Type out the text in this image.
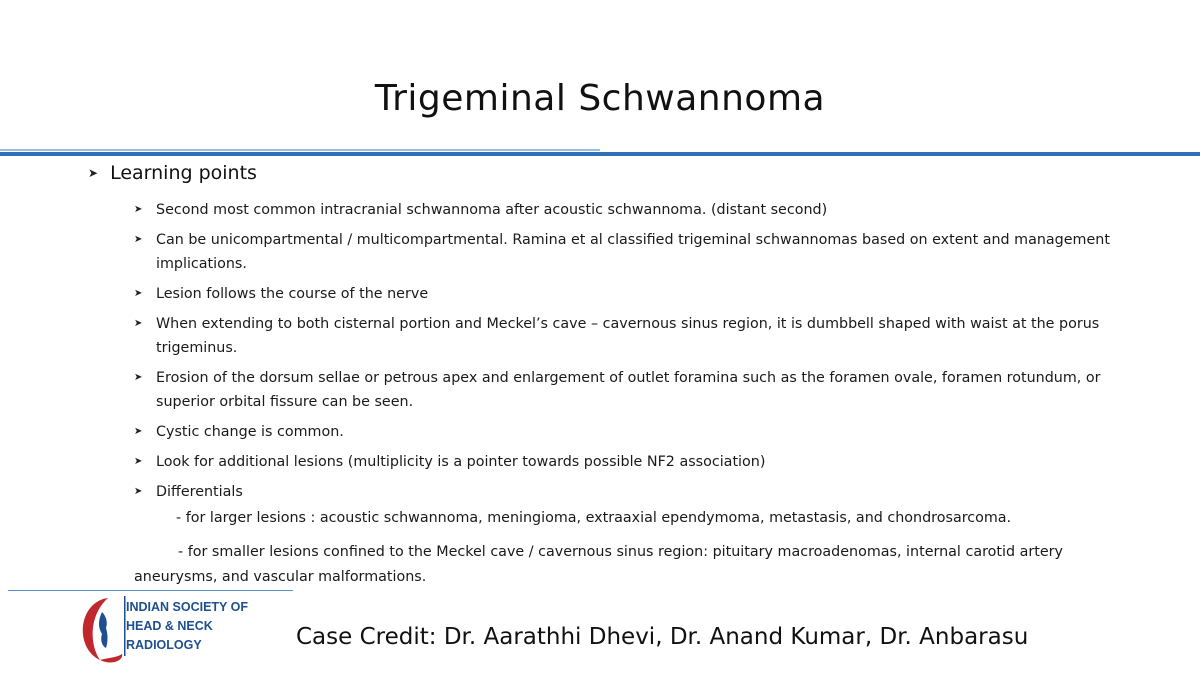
Trigeminal Schwannoma
➤ Learning points
➤ Second most common intracranial schwannoma after acoustic schwannoma. (distant second)
➤ Can be unicompartmental / multicompartmental. Ramina et al classified trigeminal schwannomas based on extent and management implications.
➤ Lesion follows the course of the nerve
➤ When extending to both cisternal portion and Meckel’s cave – cavernous sinus region, it is dumbbell shaped with waist at the porus trigeminus.
➤ Erosion of the dorsum sellae or petrous apex and enlargement of outlet foramina such as the foramen ovale, foramen rotundum, or superior orbital fissure can be seen.
➤ Cystic change is common.
➤ Look for additional lesions (multiplicity is a pointer towards possible NF2 association)
➤ Differentials
- for larger lesions : acoustic schwannoma, meningioma, extraaxial ependymoma, metastasis, and chondrosarcoma.
- for smaller lesions confined to the Meckel cave / cavernous sinus region: pituitary macroadenomas, internal carotid artery aneurysms, and vascular malformations.
INDIAN SOCIETY OF
HEAD & NECK
RADIOLOGY	Case Credit: Dr. Aarathhi Dhevi, Dr. Anand Kumar, Dr. Anbarasu
